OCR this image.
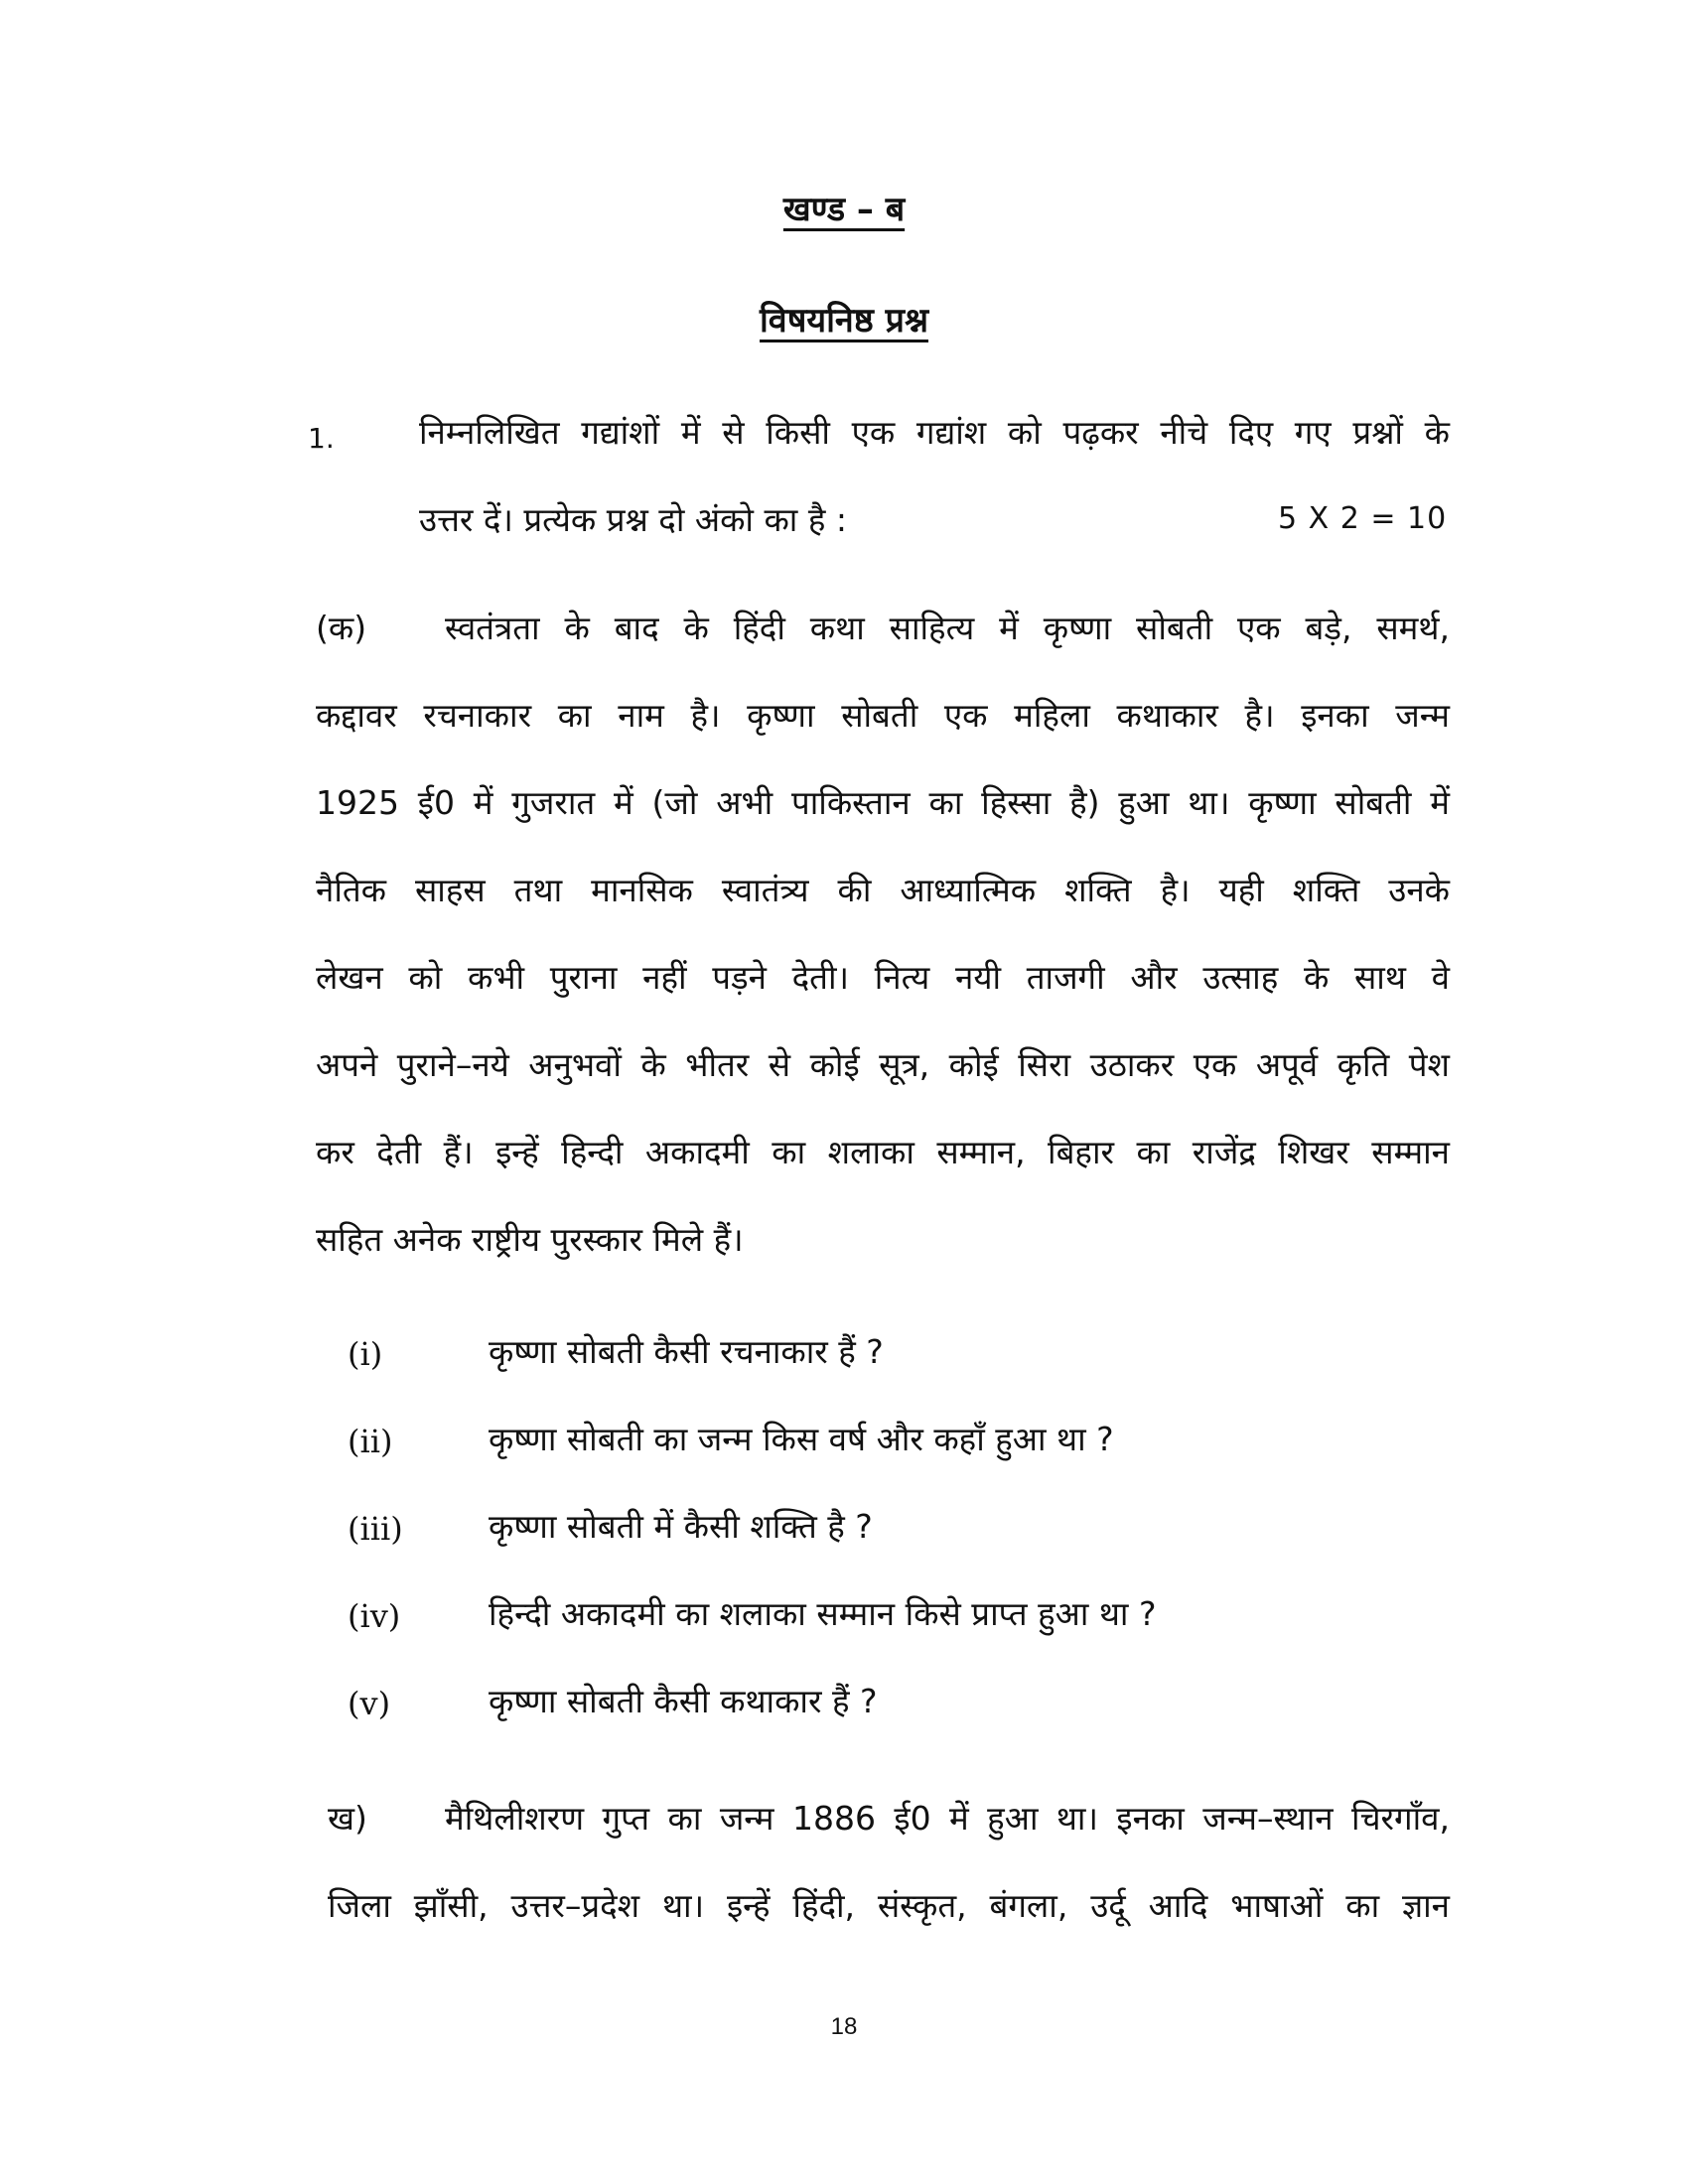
खण्ड – ब
विषयनिष्ठ प्रश्न
1.	निम्नलिखित गद्यांशों में से किसी एक गद्यांश को पढ़कर नीचे दिए गए प्रश्नों के
उत्तर दें। प्रत्येक प्रश्न दो अंको का है :	5 X 2 = 10
(क) स्वतंत्रता के बाद के हिंदी कथा साहित्य में कृष्णा सोबती एक बड़े, समर्थ,
कद्दावर रचनाकार का नाम है। कृष्णा सोबती एक महिला कथाकार है। इनका जन्म
1925 ई0 में गुजरात में (जो अभी पाकिस्तान का हिस्सा है) हुआ था। कृष्णा सोबती में
नैतिक साहस तथा मानसिक स्वातंत्र्य की आध्यात्मिक शक्ति है। यही शक्ति उनके
लेखन को कभी पुराना नहीं पड़ने देती। नित्य नयी ताजगी और उत्साह के साथ वे
अपने पुराने–नये अनुभवों के भीतर से कोई सूत्र, कोई सिरा उठाकर एक अपूर्व कृति पेश
कर देती हैं। इन्हें हिन्दी अकादमी का शलाका सम्मान, बिहार का राजेंद्र शिखर सम्मान
सहित अनेक राष्ट्रीय पुरस्कार मिले हैं।
(i)	कृष्णा सोबती कैसी रचनाकार हैं ?
(ii)	कृष्णा सोबती का जन्म किस वर्ष और कहाँ हुआ था ?
(iii)	कृष्णा सोबती में कैसी शक्ति है ?
(iv)	हिन्दी अकादमी का शलाका सम्मान किसे प्राप्त हुआ था ?
(v)	कृष्णा सोबती कैसी कथाकार हैं ?
ख) मैथिलीशरण गुप्त का जन्म 1886 ई0 में हुआ था। इनका जन्म–स्थान चिरगाँव,
जिला झाँसी, उत्तर–प्रदेश था। इन्हें हिंदी, संस्कृत, बंगला, उर्दू आदि भाषाओं का ज्ञान
18
